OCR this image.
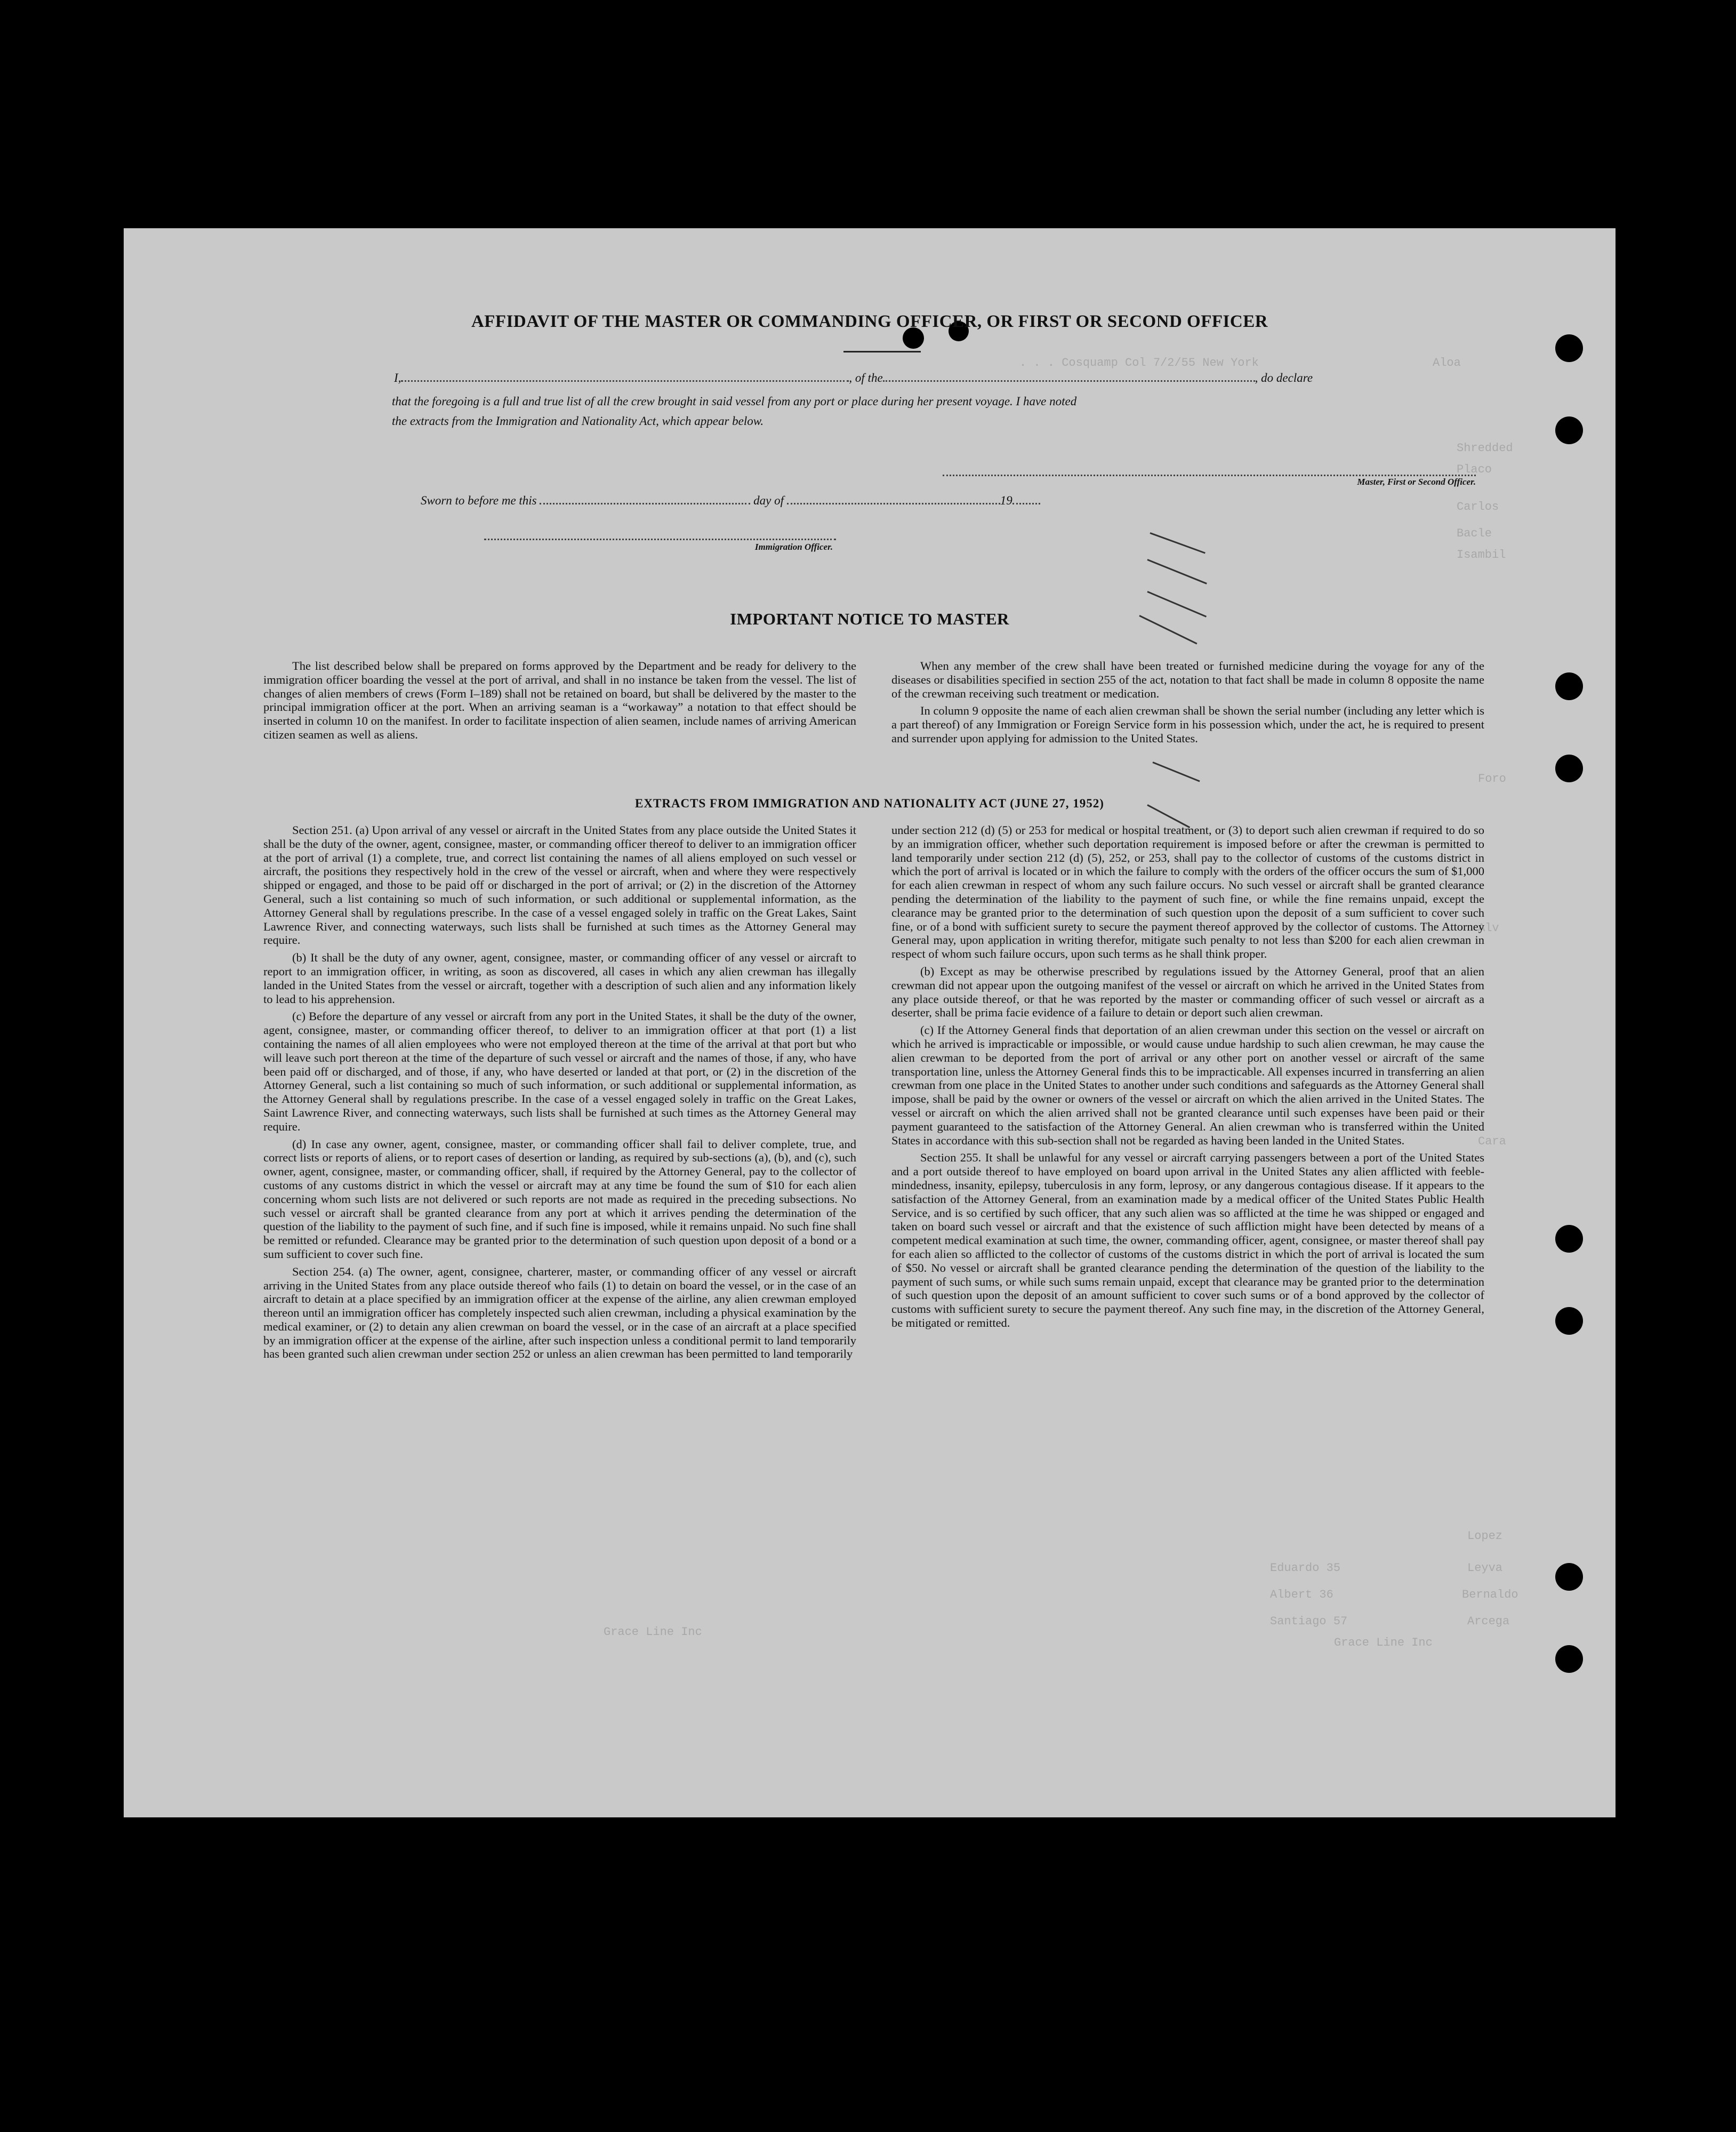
. . . Cosquamp Col 7/2/55 New York	Aloa
Shredded
Placo
Carlos
Bacle
Isambil
Foro
Alv
Cara
Lopez
Leyva
Bernaldo
Arcega
Eduardo 35
Albert 36
Santiago 57
Grace Line Inc
Grace Line Inc
AFFIDAVIT OF THE MASTER OR COMMANDING OFFICER, OR FIRST OR SECOND OFFICER
I,	, of the	, do declare
that the foregoing is a full and true list of all the crew brought in said vessel from any port or place during her present voyage. I have noted
the extracts from the Immigration and Nationality Act, which appear below.
Master, First or Second Officer.
Sworn to before me this	day of	19
Immigration Officer.
IMPORTANT NOTICE TO MASTER

The list described below shall be prepared on forms approved by the Department and be ready for delivery to the immigration officer boarding the vessel at the port of arrival, and shall in no instance be taken from the vessel. The list of changes of alien members of crews (Form I–189) shall not be retained on board, but shall be delivered by the master to the principal immigration officer at the port. When an arriving seaman is a “workaway” a notation to that effect should be inserted in column 10 on the manifest. In order to facilitate inspection of alien seamen, include names of arriving American citizen seamen as well as aliens.

When any member of the crew shall have been treated or furnished medicine during the voyage for any of the diseases or disabilities specified in section 255 of the act, notation to that fact shall be made in column 8 opposite the name of the crewman receiving such treatment or medication.

In column 9 opposite the name of each alien crewman shall be shown the serial number (including any letter which is a part thereof) of any Immigration or Foreign Service form in his possession which, under the act, he is required to present and surrender upon applying for admission to the United States.

EXTRACTS FROM IMMIGRATION AND NATIONALITY ACT (JUNE 27, 1952)

Section 251. (a) Upon arrival of any vessel or aircraft in the United States from any place outside the United States it shall be the duty of the owner, agent, consignee, master, or commanding officer thereof to deliver to an immigration officer at the port of arrival (1) a complete, true, and correct list containing the names of all aliens employed on such vessel or aircraft, the positions they respectively hold in the crew of the vessel or aircraft, when and where they were respectively shipped or engaged, and those to be paid off or discharged in the port of arrival; or (2) in the discretion of the Attorney General, such a list containing so much of such information, or such additional or supplemental information, as the Attorney General shall by regulations prescribe. In the case of a vessel engaged solely in traffic on the Great Lakes, Saint Lawrence River, and connecting waterways, such lists shall be furnished at such times as the Attorney General may require.

(b) It shall be the duty of any owner, agent, consignee, master, or commanding officer of any vessel or aircraft to report to an immigration officer, in writing, as soon as discovered, all cases in which any alien crewman has illegally landed in the United States from the vessel or aircraft, together with a description of such alien and any information likely to lead to his apprehension.

(c) Before the departure of any vessel or aircraft from any port in the United States, it shall be the duty of the owner, agent, consignee, master, or commanding officer thereof, to deliver to an immigration officer at that port (1) a list containing the names of all alien employees who were not employed thereon at the time of the arrival at that port but who will leave such port thereon at the time of the departure of such vessel or aircraft and the names of those, if any, who have been paid off or discharged, and of those, if any, who have deserted or landed at that port, or (2) in the discretion of the Attorney General, such a list containing so much of such information, or such additional or supplemental information, as the Attorney General shall by regulations prescribe. In the case of a vessel engaged solely in traffic on the Great Lakes, Saint Lawrence River, and connecting waterways, such lists shall be furnished at such times as the Attorney General may require.

(d) In case any owner, agent, consignee, master, or commanding officer shall fail to deliver complete, true, and correct lists or reports of aliens, or to report cases of desertion or landing, as required by sub-sections (a), (b), and (c), such owner, agent, consignee, master, or commanding officer, shall, if required by the Attorney General, pay to the collector of customs of any customs district in which the vessel or aircraft may at any time be found the sum of $10 for each alien concerning whom such lists are not delivered or such reports are not made as required in the preceding subsections. No such vessel or aircraft shall be granted clearance from any port at which it arrives pending the determination of the question of the liability to the payment of such fine, and if such fine is imposed, while it remains unpaid. No such fine shall be remitted or refunded. Clearance may be granted prior to the determination of such question upon deposit of a bond or a sum sufficient to cover such fine.

Section 254. (a) The owner, agent, consignee, charterer, master, or commanding officer of any vessel or aircraft arriving in the United States from any place outside thereof who fails (1) to detain on board the vessel, or in the case of an aircraft to detain at a place specified by an immigration officer at the expense of the airline, any alien crewman employed thereon until an immigration officer has completely inspected such alien crewman, including a physical examination by the medical examiner, or (2) to detain any alien crewman on board the vessel, or in the case of an aircraft at a place specified by an immigration officer at the expense of the airline, after such inspection unless a conditional permit to land temporarily has been granted such alien crewman under section 252 or unless an alien crewman has been permitted to land temporarily

under section 212 (d) (5) or 253 for medical or hospital treatment, or (3) to deport such alien crewman if required to do so by an immigration officer, whether such deportation requirement is imposed before or after the crewman is permitted to land temporarily under section 212 (d) (5), 252, or 253, shall pay to the collector of customs of the customs district in which the port of arrival is located or in which the failure to comply with the orders of the officer occurs the sum of $1,000 for each alien crewman in respect of whom any such failure occurs. No such vessel or aircraft shall be granted clearance pending the determination of the liability to the payment of such fine, or while the fine remains unpaid, except the clearance may be granted prior to the determination of such question upon the deposit of a sum sufficient to cover such fine, or of a bond with sufficient surety to secure the payment thereof approved by the collector of customs. The Attorney General may, upon application in writing therefor, mitigate such penalty to not less than $200 for each alien crewman in respect of whom such failure occurs, upon such terms as he shall think proper.

(b) Except as may be otherwise prescribed by regulations issued by the Attorney General, proof that an alien crewman did not appear upon the outgoing manifest of the vessel or aircraft on which he arrived in the United States from any place outside thereof, or that he was reported by the master or commanding officer of such vessel or aircraft as a deserter, shall be prima facie evidence of a failure to detain or deport such alien crewman.

(c) If the Attorney General finds that deportation of an alien crewman under this section on the vessel or aircraft on which he arrived is impracticable or impossible, or would cause undue hardship to such alien crewman, he may cause the alien crewman to be deported from the port of arrival or any other port on another vessel or aircraft of the same transportation line, unless the Attorney General finds this to be impracticable. All expenses incurred in transferring an alien crewman from one place in the United States to another under such conditions and safeguards as the Attorney General shall impose, shall be paid by the owner or owners of the vessel or aircraft on which the alien arrived in the United States. The vessel or aircraft on which the alien arrived shall not be granted clearance until such expenses have been paid or their payment guaranteed to the satisfaction of the Attorney General. An alien crewman who is transferred within the United States in accordance with this sub-section shall not be regarded as having been landed in the United States.

Section 255. It shall be unlawful for any vessel or aircraft carrying passengers between a port of the United States and a port outside thereof to have employed on board upon arrival in the United States any alien afflicted with feeble-mindedness, insanity, epilepsy, tuberculosis in any form, leprosy, or any dangerous contagious disease. If it appears to the satisfaction of the Attorney General, from an examination made by a medical officer of the United States Public Health Service, and is so certified by such officer, that any such alien was so afflicted at the time he was shipped or engaged and taken on board such vessel or aircraft and that the existence of such affliction might have been detected by means of a competent medical examination at such time, the owner, commanding officer, agent, consignee, or master thereof shall pay for each alien so afflicted to the collector of customs of the customs district in which the port of arrival is located the sum of $50. No vessel or aircraft shall be granted clearance pending the determination of the question of the liability to the payment of such sums, or while such sums remain unpaid, except that clearance may be granted prior to the determination of such question upon the deposit of an amount sufficient to cover such sums or of a bond approved by the collector of customs with sufficient surety to secure the payment thereof. Any such fine may, in the discretion of the Attorney General, be mitigated or remitted.
